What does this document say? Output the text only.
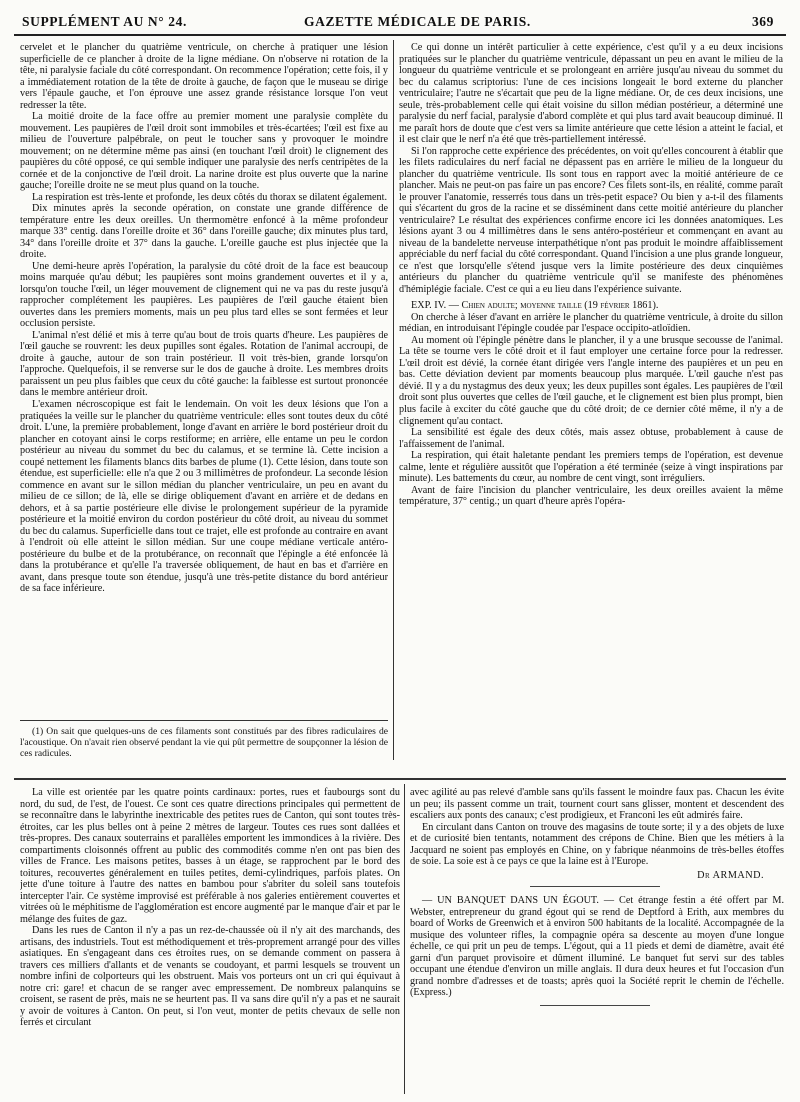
SUPPLÉMENT AU N° 24.	GAZETTE MÉDICALE DE PARIS.	369

cervelet et le plancher du quatrième ventricule, on cherche à pratiquer une lésion superficielle de ce plancher à droite de la ligne médiane. On n'observe ni rotation de la tête, ni paralysie faciale du côté correspondant. On recommence l'opération; cette fois, il y a immédiatement rotation de la tête de droite à gauche, de façon que le museau se dirige vers l'épaule gauche, et l'on éprouve une assez grande résistance lorsque l'on veut redresser la tête.

La moitié droite de la face offre au premier moment une paralysie complète du mouvement. Les paupières de l'œil droit sont immobiles et très-écartées; l'œil est fixe au milieu de l'ouverture palpébrale, on peut le toucher sans y provoquer le moindre mouvement; on ne détermine même pas ainsi (en touchant l'œil droit) le clignement des paupières du côté opposé, ce qui semble indiquer une paralysie des nerfs centripètes de la cornée et de la conjonctive de l'œil droit. La narine droite est plus ouverte que la narine gauche; l'oreille droite ne se meut plus quand on la touche.

La respiration est très-lente et profonde, les deux côtés du thorax se dilatent également.

Dix minutes après la seconde opération, on constate une grande différence de température entre les deux oreilles. Un thermomètre enfoncé à la même profondeur marque 33° centig. dans l'oreille droite et 36° dans l'oreille gauche; dix minutes plus tard, 34° dans l'oreille droite et 37° dans la gauche. L'oreille gauche est plus injectée que la droite.

Une demi-heure après l'opération, la paralysie du côté droit de la face est beaucoup moins marquée qu'au début; les paupières sont moins grandement ouvertes et il y a, lorsqu'on touche l'œil, un léger mouvement de clignement qui ne va pas du reste jusqu'à rapprocher complétement les paupières. Les paupières de l'œil gauche étaient bien ouvertes dans les premiers moments, mais un peu plus tard elles se sont fermées et leur occlusion persiste.

L'animal n'est délié et mis à terre qu'au bout de trois quarts d'heure. Les paupières de l'œil gauche se rouvrent: les deux pupilles sont égales. Rotation de l'animal accroupi, de droite à gauche, autour de son train postérieur. Il voit très-bien, grande lorsqu'on l'approche. Quelquefois, il se renverse sur le dos de gauche à droite. Les membres droits paraissent un peu plus faibles que ceux du côté gauche: la faiblesse est surtout prononcée dans le membre antérieur droit.

L'examen nécroscopique est fait le lendemain. On voit les deux lésions que l'on a pratiquées la veille sur le plancher du quatrième ventricule: elles sont toutes deux du côté droit. L'une, la première probablement, longe d'avant en arrière le bord postérieur droit du plancher en cotoyant ainsi le corps restiforme; en arrière, elle entame un peu le cordon postérieur au niveau du sommet du bec du calamus, et se termine là. Cette incision a coupé nettement les filaments blancs dits barbes de plume (1). Cette lésion, dans toute son étendue, est superficielle: elle n'a que 2 ou 3 millimètres de profondeur. La seconde lésion commence en avant sur le sillon médian du plancher ventriculaire, un peu en avant du milieu de ce sillon; de là, elle se dirige obliquement d'avant en arrière et de dedans en dehors, et à sa partie postérieure elle divise le prolongement supérieur de la pyramide postérieure et la moitié environ du cordon postérieur du côté droit, au niveau du sommet du bec du calamus. Superficielle dans tout ce trajet, elle est profonde au contraire en avant à l'endroit où elle atteint le sillon médian. Sur une coupe médiane verticale antéro-postérieure du bulbe et de la protubérance, on reconnaît que l'épingle a été enfoncée là dans la protubérance et qu'elle l'a traversée obliquement, de haut en bas et d'arrière en avant, dans presque toute son étendue, jusqu'à une très-petite distance du bord antérieur de sa face inférieure.

(1) On sait que quelques-uns de ces filaments sont constitués par des fibres radiculaires de l'acoustique. On n'avait rien observé pendant la vie qui pût permettre de soupçonner la lésion de ces radicules.

Ce qui donne un intérêt particulier à cette expérience, c'est qu'il y a eu deux incisions pratiquées sur le plancher du quatrième ventricule, dépassant un peu en avant le milieu de la longueur du quatrième ventricule et se prolongeant en arrière jusqu'au niveau du sommet du bec du calamus scriptorius: l'une de ces incisions longeait le bord externe du plancher ventriculaire; l'autre ne s'écartait que peu de la ligne médiane. Or, de ces deux incisions, une seule, très-probablement celle qui était voisine du sillon médian postérieur, a déterminé une paralysie du nerf facial, paralysie d'abord complète et qui plus tard avait beaucoup diminué. Il me paraît hors de doute que c'est vers sa limite antérieure que cette lésion a atteint le facial, et il est clair que le nerf n'a été que très-partiellement intéressé.

Si l'on rapproche cette expérience des précédentes, on voit qu'elles concourent à établir que les filets radiculaires du nerf facial ne dépassent pas en arrière le milieu de la longueur du plancher du quatrième ventricule. Ils sont tous en rapport avec la moitié antérieure de ce plancher. Mais ne peut-on pas faire un pas encore? Ces filets sont-ils, en réalité, comme paraît le prouver l'anatomie, resserrés tous dans un très-petit espace? Ou bien y a-t-il des filaments qui s'écartent du gros de la racine et se disséminent dans cette moitié antérieure du plancher ventriculaire? Le résultat des expériences confirme encore ici les données anatomiques. Les lésions ayant 3 ou 4 millimètres dans le sens antéro-postérieur et commençant en avant au niveau de la bandelette nerveuse interpathétique n'ont pas produit le moindre affaiblissement appréciable du nerf facial du côté correspondant. Quand l'incision a une plus grande longueur, ce n'est que lorsqu'elle s'étend jusque vers la limite postérieure des deux cinquièmes antérieurs du plancher du quatrième ventricule qu'il se manifeste des phénomènes d'hémiplégie faciale. C'est ce qui a eu lieu dans l'expérience suivante.

EXP. IV. — Chien adulte; moyenne taille (19 février 1861).

On cherche à léser d'avant en arrière le plancher du quatrième ventricule, à droite du sillon médian, en introduisant l'épingle coudée par l'espace occipito-atloïdien.

Au moment où l'épingle pénètre dans le plancher, il y a une brusque secousse de l'animal. La tête se tourne vers le côté droit et il faut employer une certaine force pour la redresser. L'œil droit est dévié, la cornée étant dirigée vers l'angle interne des paupières et un peu en bas. Cette déviation devient par moments beaucoup plus marquée. L'œil gauche n'est pas dévié. Il y a du nystagmus des deux yeux; les deux pupilles sont égales. Les paupières de l'œil droit sont plus ouvertes que celles de l'œil gauche, et le clignement est bien plus prompt, bien plus facile à exciter du côté gauche que du côté droit; de ce dernier côté même, il n'y a de clignement qu'au contact.

La sensibilité est égale des deux côtés, mais assez obtuse, probablement à cause de l'affaissement de l'animal.

La respiration, qui était haletante pendant les premiers temps de l'opération, est devenue calme, lente et régulière aussitôt que l'opération a été terminée (seize à vingt inspirations par minute). Les battements du cœur, au nombre de cent vingt, sont irréguliers.

Avant de faire l'incision du plancher ventriculaire, les deux oreilles avaient la même température, 37° centig.; un quart d'heure après l'opéra-

La ville est orientée par les quatre points cardinaux: portes, rues et faubourgs sont du nord, du sud, de l'est, de l'ouest. Ce sont ces quatre directions principales qui permettent de se reconnaître dans le labyrinthe inextricable des petites rues de Canton, qui sont toutes très-étroites, car les plus belles ont à peine 2 mètres de largeur. Toutes ces rues sont dallées et très-propres. Des canaux souterrains et parallèles emportent les immondices à la rivière. Des compartiments cloisonnés offrent au public des commodités comme n'en ont pas bien des villes de France. Les maisons petites, basses à un étage, se rapprochent par le bord des toitures, recouvertes généralement en tuiles petites, demi-cylindriques, parfois plates. On jette d'une toiture à l'autre des nattes en bambou pour s'abriter du soleil sans toutefois intercepter l'air. Ce système improvisé est préférable à nos galeries entièrement couvertes et vitrées où le méphitisme de l'agglomération est encore augmenté par le manque d'air et par le mélange des fuites de gaz.

Dans les rues de Canton il n'y a pas un rez-de-chaussée où il n'y ait des marchands, des artisans, des industriels. Tout est méthodiquement et très-proprement arrangé pour des villes asiatiques. En s'engageant dans ces étroites rues, on se demande comment on passera à travers ces milliers d'allants et de venants se coudoyant, et parmi lesquels se trouvent un nombre infini de colporteurs qui les obstruent. Mais vos porteurs ont un cri qui équivaut à notre cri: gare! et chacun de se ranger avec empressement. De nombreux palanquins se croisent, se rasent de près, mais ne se heurtent pas. Il va sans dire qu'il n'y a pas et ne saurait y avoir de voitures à Canton. On peut, si l'on veut, monter de petits chevaux de selle non ferrés et circulant

avec agilité au pas relevé d'amble sans qu'ils fassent le moindre faux pas. Chacun les évite un peu; ils passent comme un trait, tournent court sans glisser, montent et descendent des escaliers aux ponts des canaux; c'est prodigieux, et Franconi les eût admirés faire.

En circulant dans Canton on trouve des magasins de toute sorte; il y a des objets de luxe et de curiosité bien tentants, notamment des crépons de Chine. Bien que les métiers à la Jacquard ne soient pas employés en Chine, on y fabrique néanmoins de très-belles étoffes de soie. La soie est à ce pays ce que la laine est à l'Europe.

Dr ARMAND.

— UN BANQUET DANS UN ÉGOUT. — Cet étrange festin a été offert par M. Webster, entrepreneur du grand égout qui se rend de Deptford à Erith, aux membres du board of Works de Greenwich et à environ 500 habitants de la localité. Accompagnée de la musique des volunteer rifles, la compagnie opéra sa descente au moyen d'une longue échelle, ce qui prit un peu de temps. L'égout, qui a 11 pieds et demi de diamètre, avait été garni d'un parquet provisoire et dûment illuminé. Le banquet fut servi sur des tables occupant une étendue d'environ un mille anglais. Il dura deux heures et fut l'occasion d'un grand nombre d'adresses et de toasts; après quoi la Société reprit le chemin de l'échelle. (Express.)
